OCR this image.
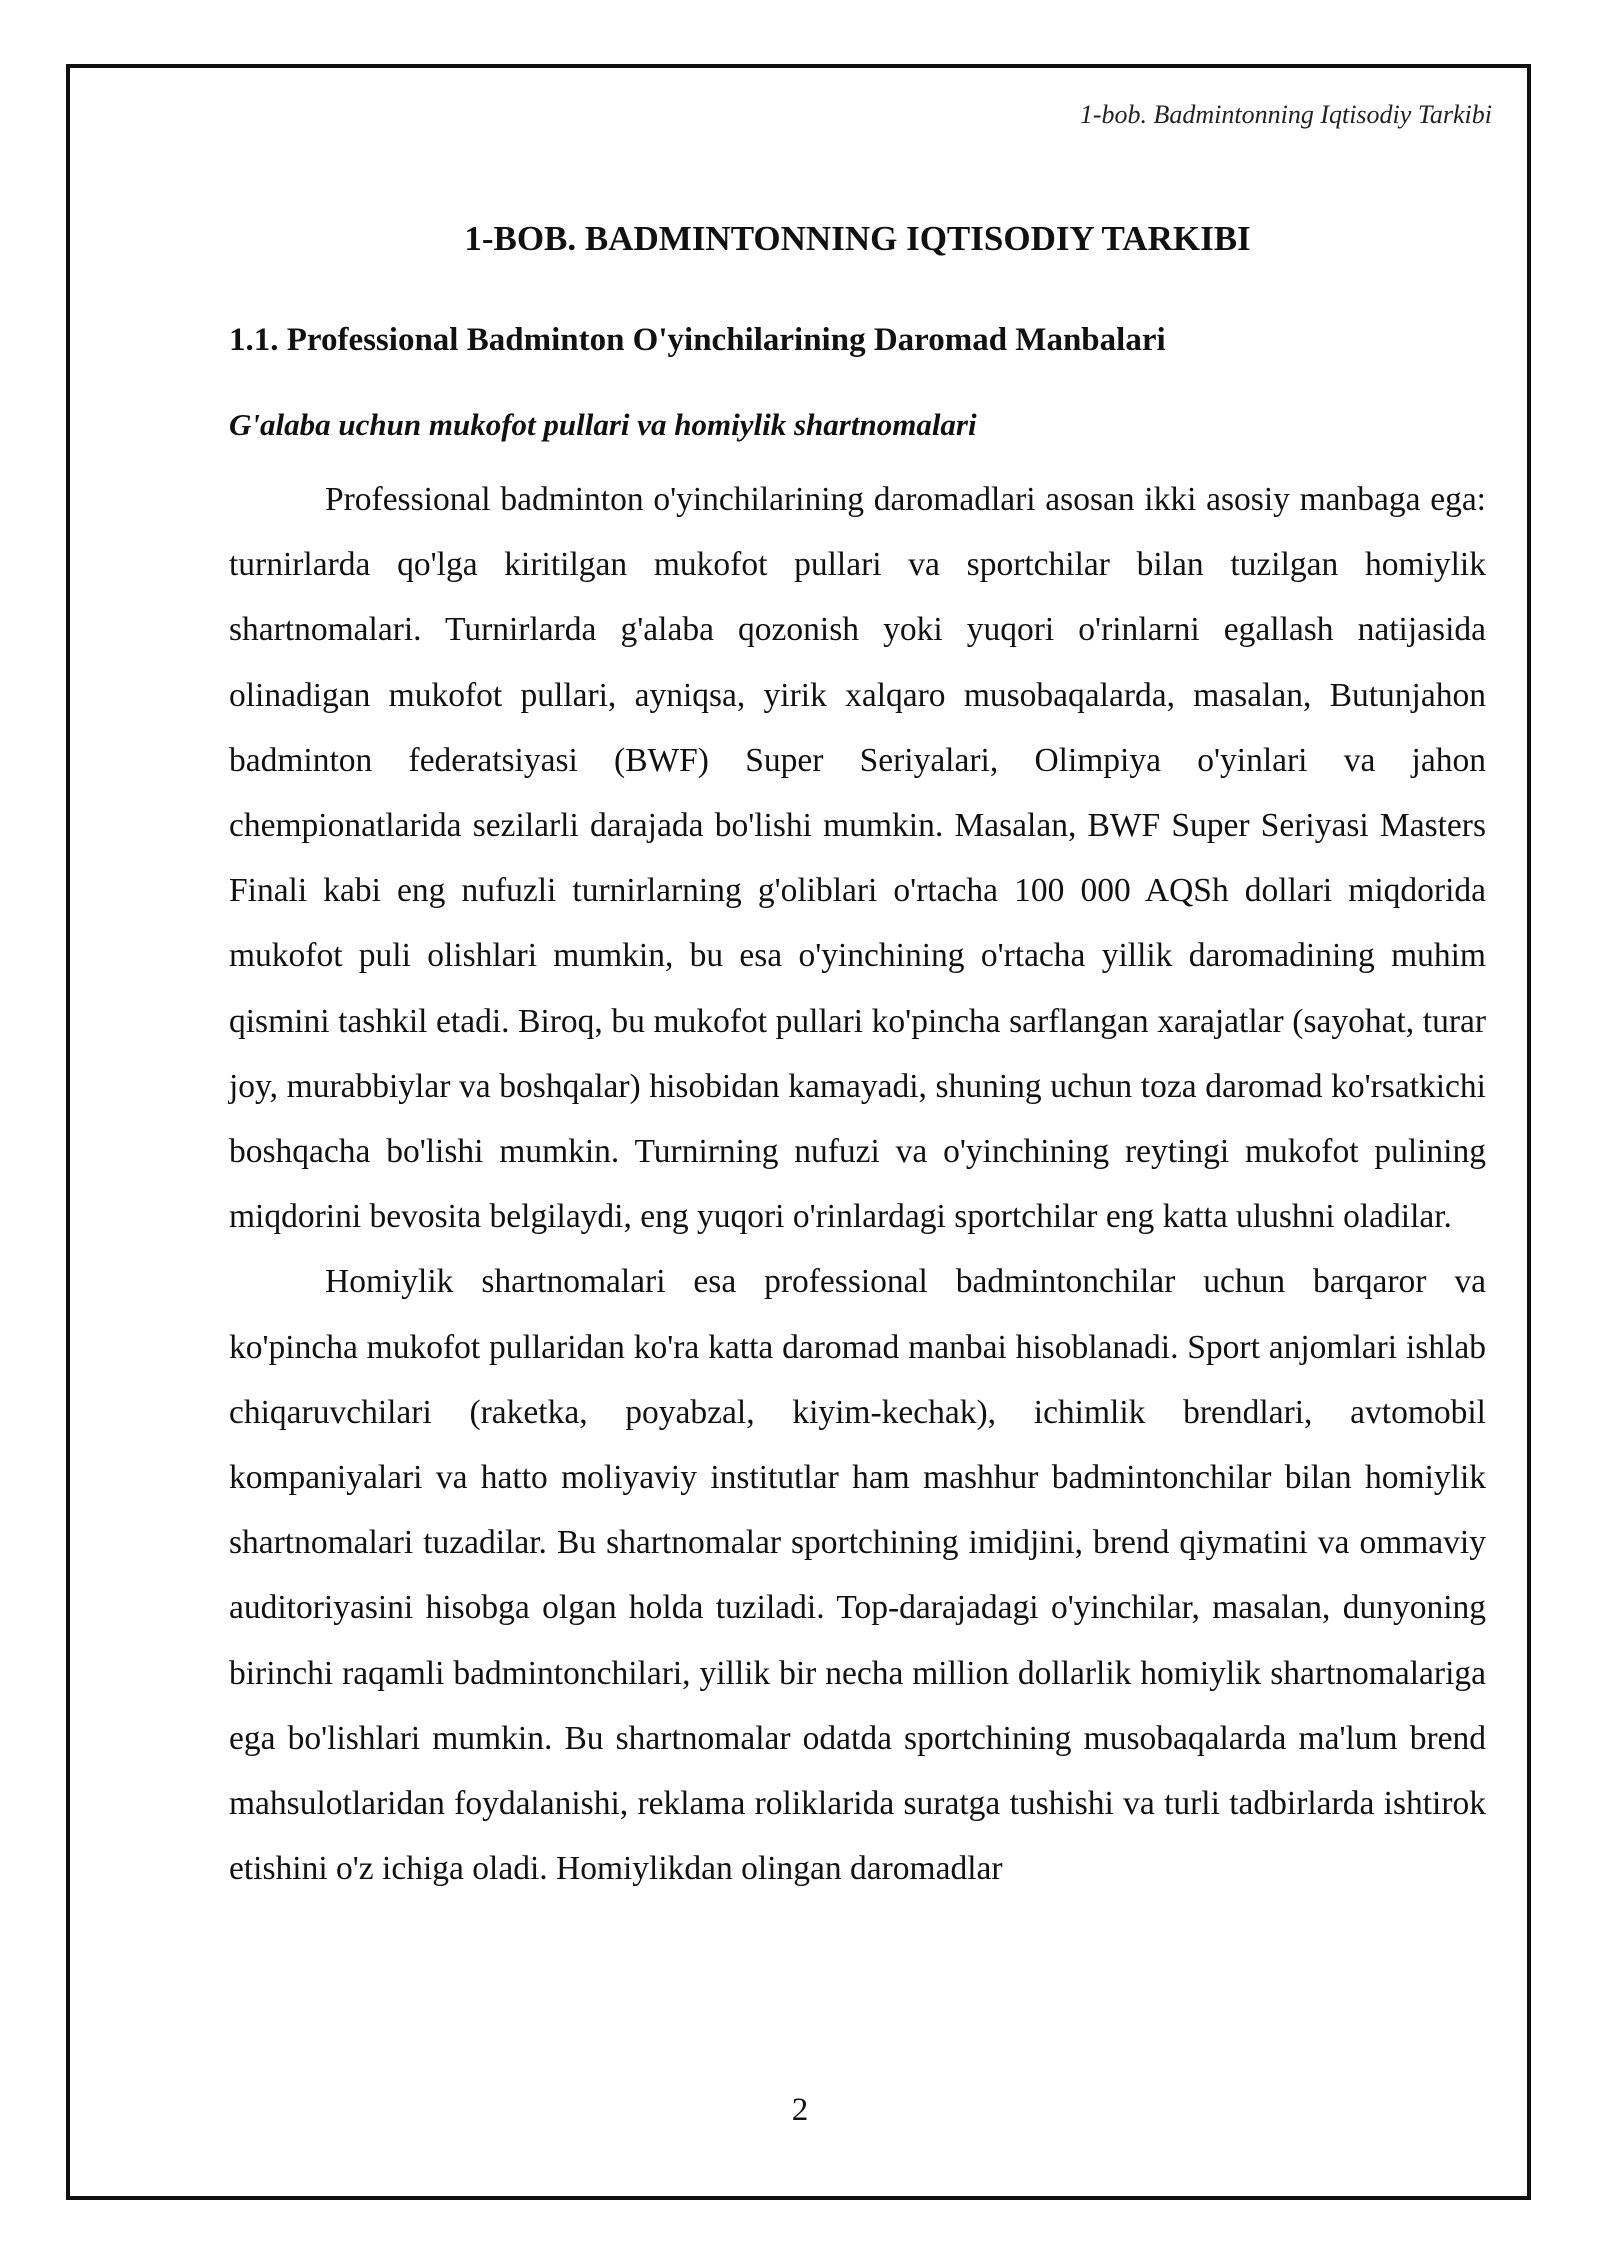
1-bob. Badmintonning Iqtisodiy Tarkibi
1-BOB. BADMINTONNING IQTISODIY TARKIBI
1.1. Professional Badminton O'yinchilarining Daromad Manbalari
G'alaba uchun mukofot pullari va homiylik shartnomalari

Professional badminton o'yinchilarining daromadlari asosan ikki asosiy manbaga ega: turnirlarda qo'lga kiritilgan mukofot pullari va sportchilar bilan tuzilgan homiylik shartnomalari. Turnirlarda g'alaba qozonish yoki yuqori o'rinlarni egallash natijasida olinadigan mukofot pullari, ayniqsa, yirik xalqaro musobaqalarda, masalan, Butunjahon badminton federatsiyasi (BWF) Super Seriyalari, Olimpiya o'yinlari va jahon chempionatlarida sezilarli darajada bo'lishi mumkin. Masalan, BWF Super Seriyasi Masters Finali kabi eng nufuzli turnirlarning g'oliblari o'rtacha 100 000 AQSh dollari miqdorida mukofot puli olishlari mumkin, bu esa o'yinchining o'rtacha yillik daromadining muhim qismini tashkil etadi. Biroq, bu mukofot pullari ko'pincha sarflangan xarajatlar (sayohat, turar joy, murabbiylar va boshqalar) hisobidan kamayadi, shuning uchun toza daromad ko'rsatkichi boshqacha bo'lishi mumkin. Turnirning nufuzi va o'yinchining reytingi mukofot pulining miqdorini bevosita belgilaydi, eng yuqori o'rinlardagi sportchilar eng katta ulushni oladilar.

Homiylik shartnomalari esa professional badmintonchilar uchun barqaror va ko'pincha mukofot pullaridan ko'ra katta daromad manbai hisoblanadi. Sport anjomlari ishlab chiqaruvchilari (raketka, poyabzal, kiyim-kechak), ichimlik brendlari, avtomobil kompaniyalari va hatto moliyaviy institutlar ham mashhur badmintonchilar bilan homiylik shartnomalari tuzadilar. Bu shartnomalar sportchining imidjini, brend qiymatini va ommaviy auditoriyasini hisobga olgan holda tuziladi. Top-darajadagi o'yinchilar, masalan, dunyoning birinchi raqamli badmintonchilari, yillik bir necha million dollarlik homiylik shartnomalariga ega bo'lishlari mumkin. Bu shartnomalar odatda sportchining musobaqalarda ma'lum brend mahsulotlaridan foydalanishi, reklama roliklarida suratga tushishi va turli tadbirlarda ishtirok etishini o'z ichiga oladi. Homiylikdan olingan daromadlar

2
